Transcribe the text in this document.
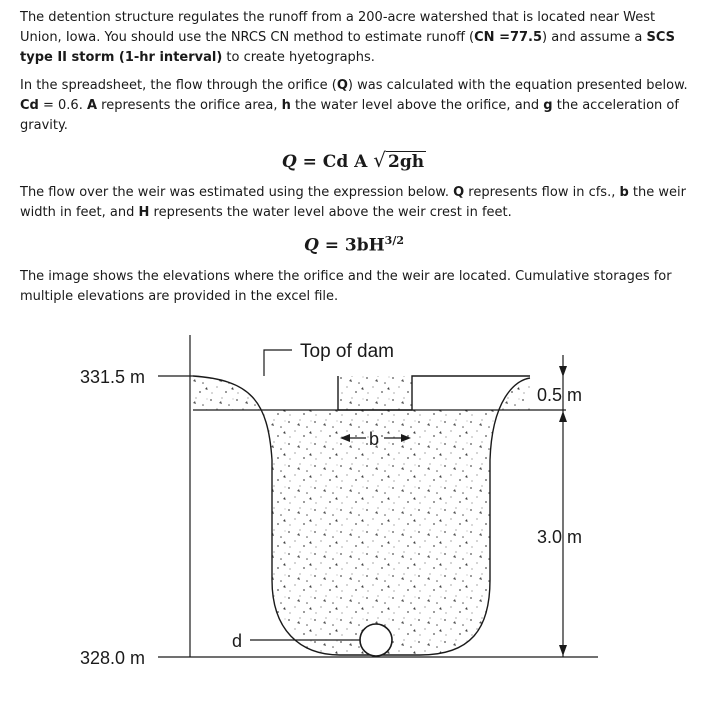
The detention structure regulates the runoff from a 200-acre watershed that is located near West Union, Iowa. You should use the NRCS CN method to estimate runoff (CN =77.5) and assume a SCS type II storm (1-hr interval) to create hyetographs.

In the spreadsheet, the flow through the orifice (Q) was calculated with the equation presented below. Cd = 0.6. A represents the orifice area, h the water level above the orifice, and g the acceleration of gravity.

Q = Cd A √ 2gh

The flow over the weir was estimated using the expression below. Q represents flow in cfs., b the weir width in feet, and H represents the water level above the weir crest in feet.

$Q = 3bH^{3/2}$

The image shows the elevations where the orifice and the weir are located. Cumulative storages for multiple elevations are provided in the excel file.

Top of dam
331.5 m
328.0 m
0.5 m
3.0 m
b
d
